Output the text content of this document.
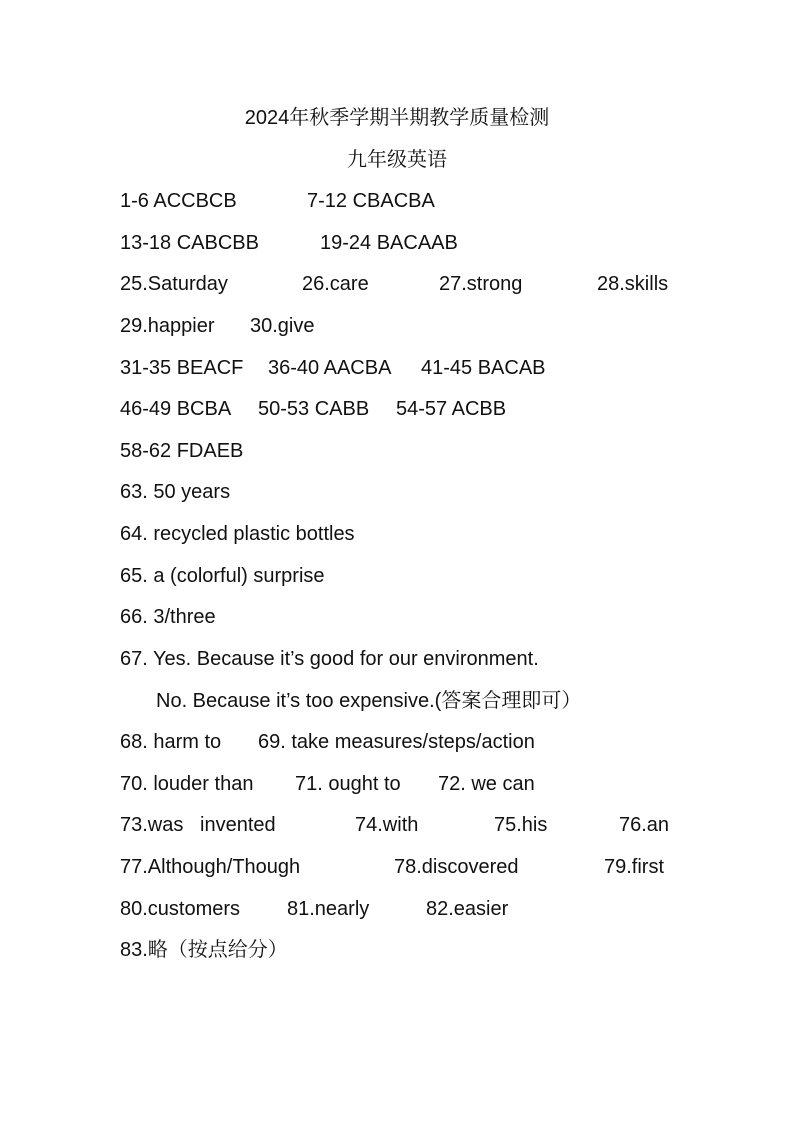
2024年秋季学期半期教学质量检测
九年级英语
1-6 ACCBCB	7-12 CBACBA
13-18 CABCBB	19-24 BACAAB
25.Saturday	26.care	27.strong	28.skills
29.happier 30.give
31-35 BEACF 36-40 AACBA 41-45 BACAB
46-49 BCBA 50-53 CABB 54-57 ACBB
58-62 FDAEB
63. 50 years
64. recycled plastic bottles
65. a (colorful) surprise
66. 3/three
67. Yes. Because it’s good for our environment.
No. Because it’s too expensive.(答案合理即可）
68. harm to 69. take measures/steps/action
70. louder than 71. ought to 72. we can
73.was   invented	74.with	75.his	76.an
77.Although/Though	78.discovered	79.first
80.customers 81.nearly	82.easier
83.略（按点给分）
